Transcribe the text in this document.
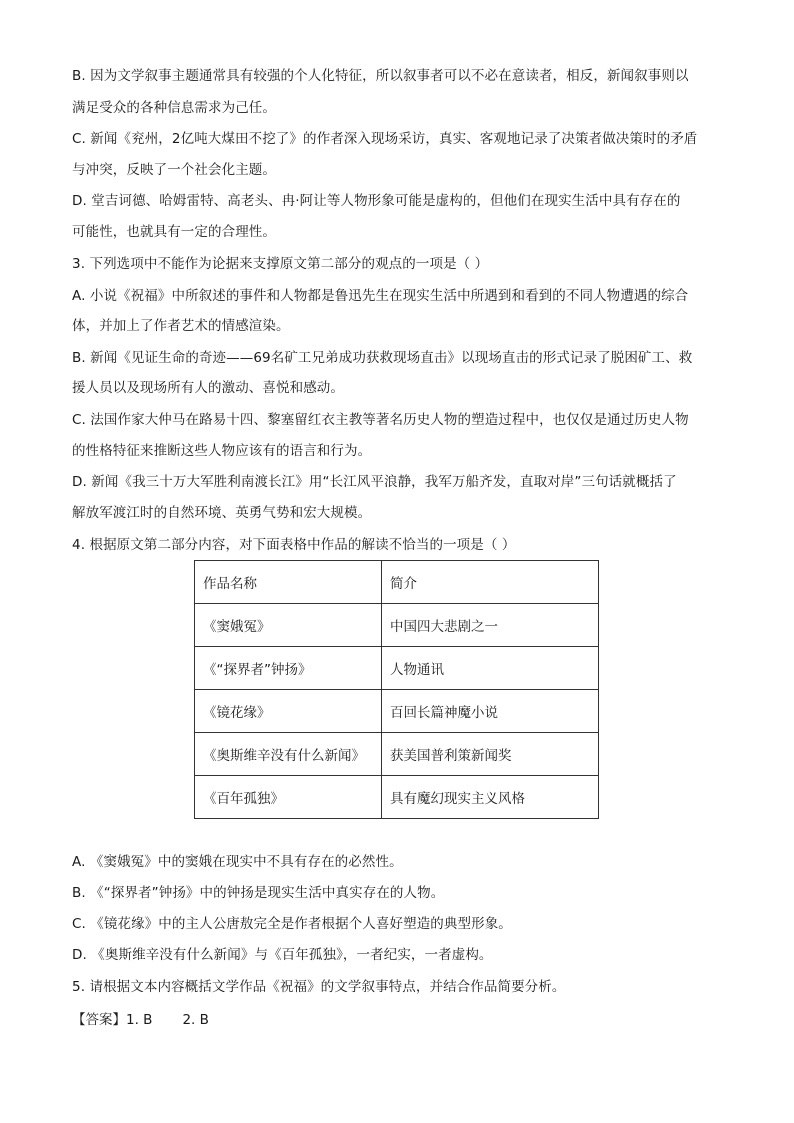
B. 因为文学叙事主题通常具有较强的个人化特征，所以叙事者可以不必在意读者，相反，新闻叙事则以
满足受众的各种信息需求为己任。
C. 新闻《兖州，2亿吨大煤田不挖了》的作者深入现场采访，真实、客观地记录了决策者做决策时的矛盾
与冲突，反映了一个社会化主题。
D. 堂吉诃德、哈姆雷特、高老头、冉·阿让等人物形象可能是虚构的，但他们在现实生活中具有存在的
可能性，也就具有一定的合理性。
3. 下列选项中不能作为论据来支撑原文第二部分的观点的一项是（ ）
A. 小说《祝福》中所叙述的事件和人物都是鲁迅先生在现实生活中所遇到和看到的不同人物遭遇的综合
体，并加上了作者艺术的情感渲染。
B. 新闻《见证生命的奇迹——69名矿工兄弟成功获救现场直击》以现场直击的形式记录了脱困矿工、救
援人员以及现场所有人的激动、喜悦和感动。
C. 法国作家大仲马在路易十四、黎塞留红衣主教等著名历史人物的塑造过程中，也仅仅是通过历史人物
的性格特征来推断这些人物应该有的语言和行为。
D. 新闻《我三十万大军胜利南渡长江》用“长江风平浪静，我军万船齐发，直取对岸”三句话就概括了
解放军渡江时的自然环境、英勇气势和宏大规模。
4. 根据原文第二部分内容，对下面表格中作品的解读不恰当的一项是（ ）
作品名称	简介
《窦娥冤》	中国四大悲剧之一
《“探界者”钟扬》	人物通讯
《镜花缘》	百回长篇神魔小说
《奥斯维辛没有什么新闻》	获美国普利策新闻奖
《百年孤独》	具有魔幻现实主义风格
A. 《窦娥冤》中的窦娥在现实中不具有存在的必然性。
B. 《“探界者”钟扬》中的钟扬是现实生活中真实存在的人物。
C. 《镜花缘》中的主人公唐敖完全是作者根据个人喜好塑造的典型形象。
D. 《奥斯维辛没有什么新闻》与《百年孤独》，一者纪实，一者虚构。
5. 请根据文本内容概括文学作品《祝福》的文学叙事特点，并结合作品简要分析。
【答案】1. B 2. B
